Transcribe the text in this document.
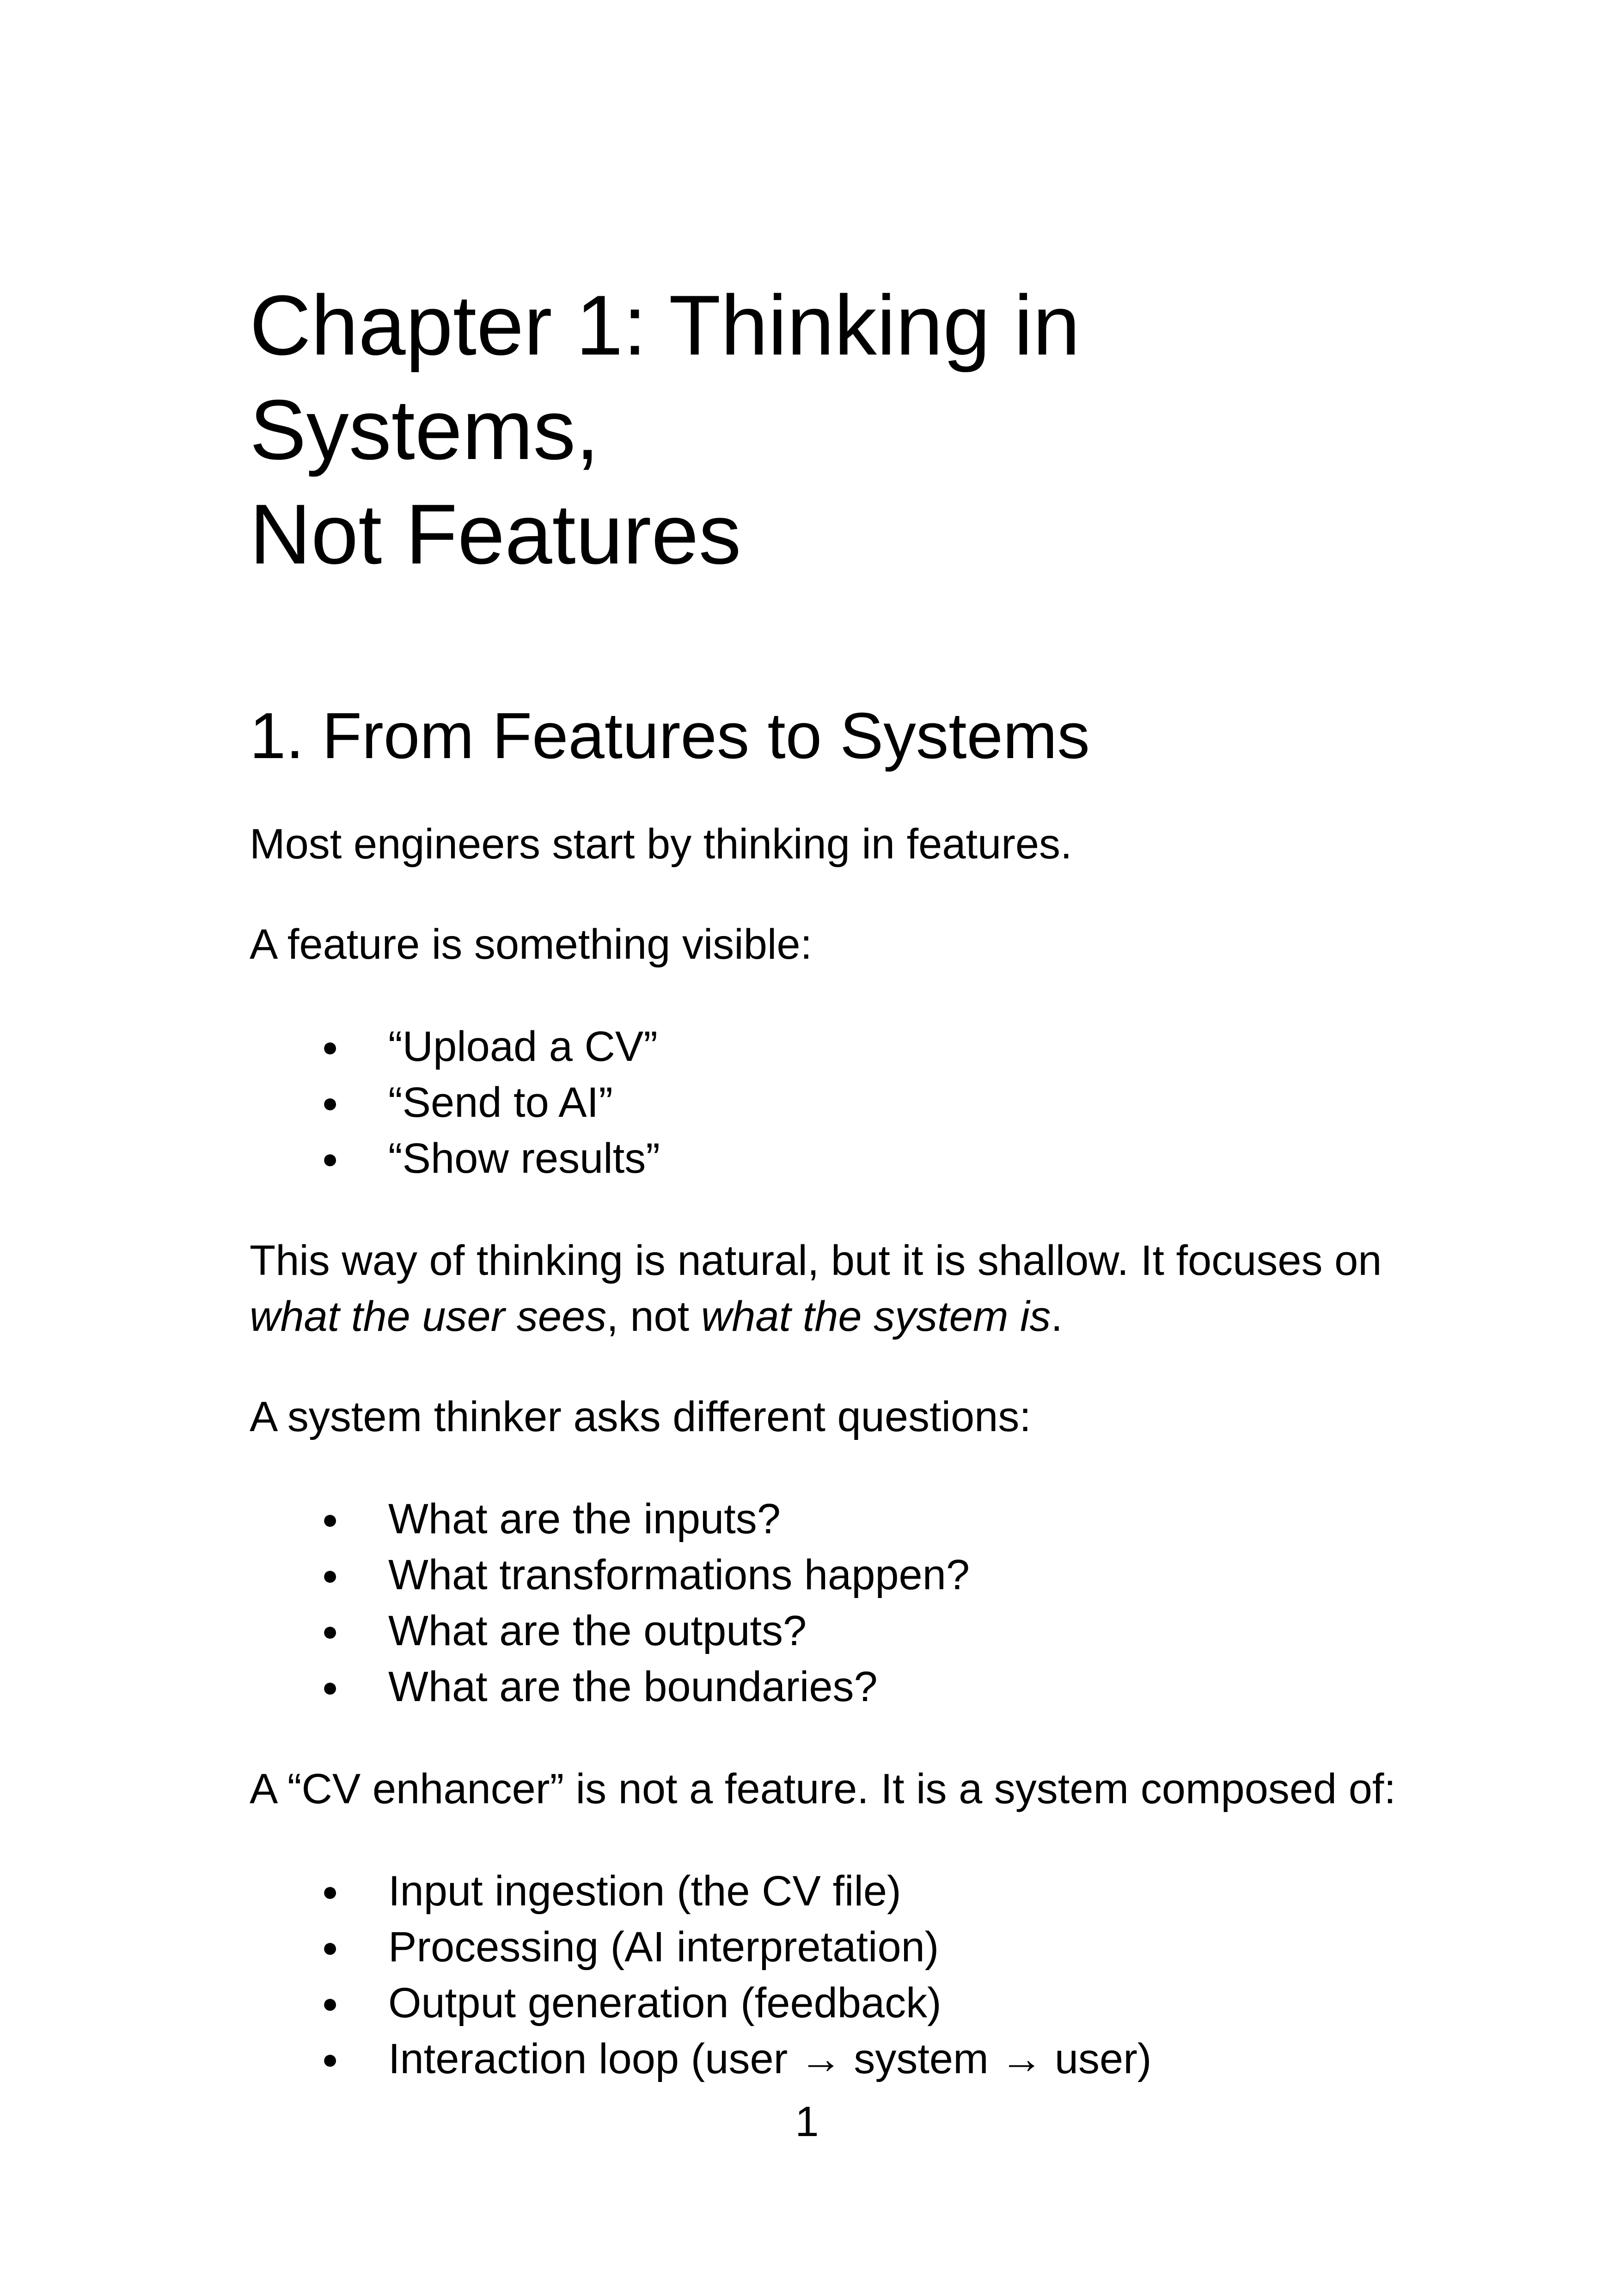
Chapter 1: Thinking in Systems,
Not Features
1. From Features to Systems

Most engineers start by thinking in features.

A feature is something visible:

● “Upload a CV”
● “Send to AI”
● “Show results”

This way of thinking is natural, but it is shallow. It focuses on
what the user sees, not what the system is.

A system thinker asks different questions:

● What are the inputs?
● What transformations happen?
● What are the outputs?
● What are the boundaries?

A “CV enhancer” is not a feature. It is a system composed of:

● Input ingestion (the CV file)
● Processing (AI interpretation)
● Output generation (feedback)
● Interaction loop (user → system → user)
1
